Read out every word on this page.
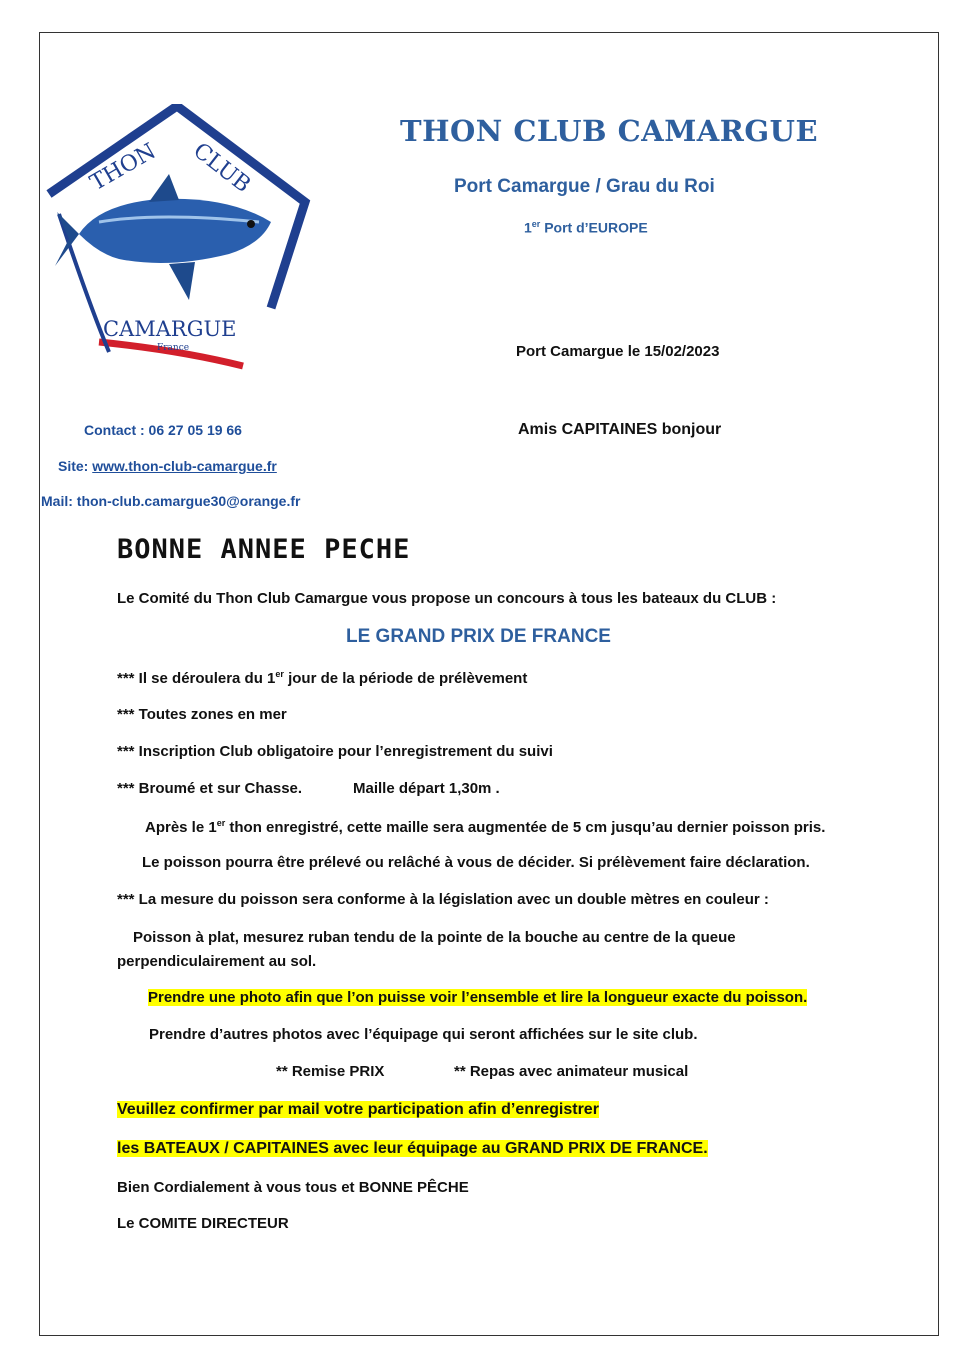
THON CLUB
CAMARGUE
France
THON CLUB CAMARGUE
Port Camargue / Grau du Roi
1er Port d’EUROPE
Port Camargue le 15/02/2023
Amis CAPITAINES bonjour
Contact : 06 27 05 19 66
Site: www.thon-club-camargue.fr
Mail: thon-club.camargue30@orange.fr
BONNE ANNEE PECHE
Le Comité du Thon Club Camargue vous propose un concours à tous les bateaux du CLUB :
LE GRAND PRIX DE FRANCE
*** Il se déroulera du 1er jour de la période de prélèvement
*** Toutes zones en mer
*** Inscription Club obligatoire pour l’enregistrement du suivi
*** Broumé et sur Chasse.	Maille départ 1,30m .
Après le 1er thon enregistré, cette maille sera augmentée de 5 cm jusqu’au dernier poisson pris.
Le poisson pourra être prélevé ou relâché à vous de décider. Si prélèvement faire déclaration.
*** La mesure du poisson sera conforme à la législation avec un double mètres en couleur :
Poisson à plat, mesurez ruban tendu de la pointe de la bouche au centre de la queue
perpendiculairement au sol.
Prendre une photo afin que l’on puisse voir l’ensemble et lire la longueur exacte du poisson.
Prendre d’autres photos avec l’équipage qui seront affichées sur le site club.
** Remise PRIX	** Repas avec animateur musical
Veuillez confirmer par mail votre participation afin d’enregistrer
les BATEAUX / CAPITAINES avec leur équipage au GRAND PRIX DE FRANCE.
Bien Cordialement à vous tous et BONNE PÊCHE
Le COMITE DIRECTEUR
